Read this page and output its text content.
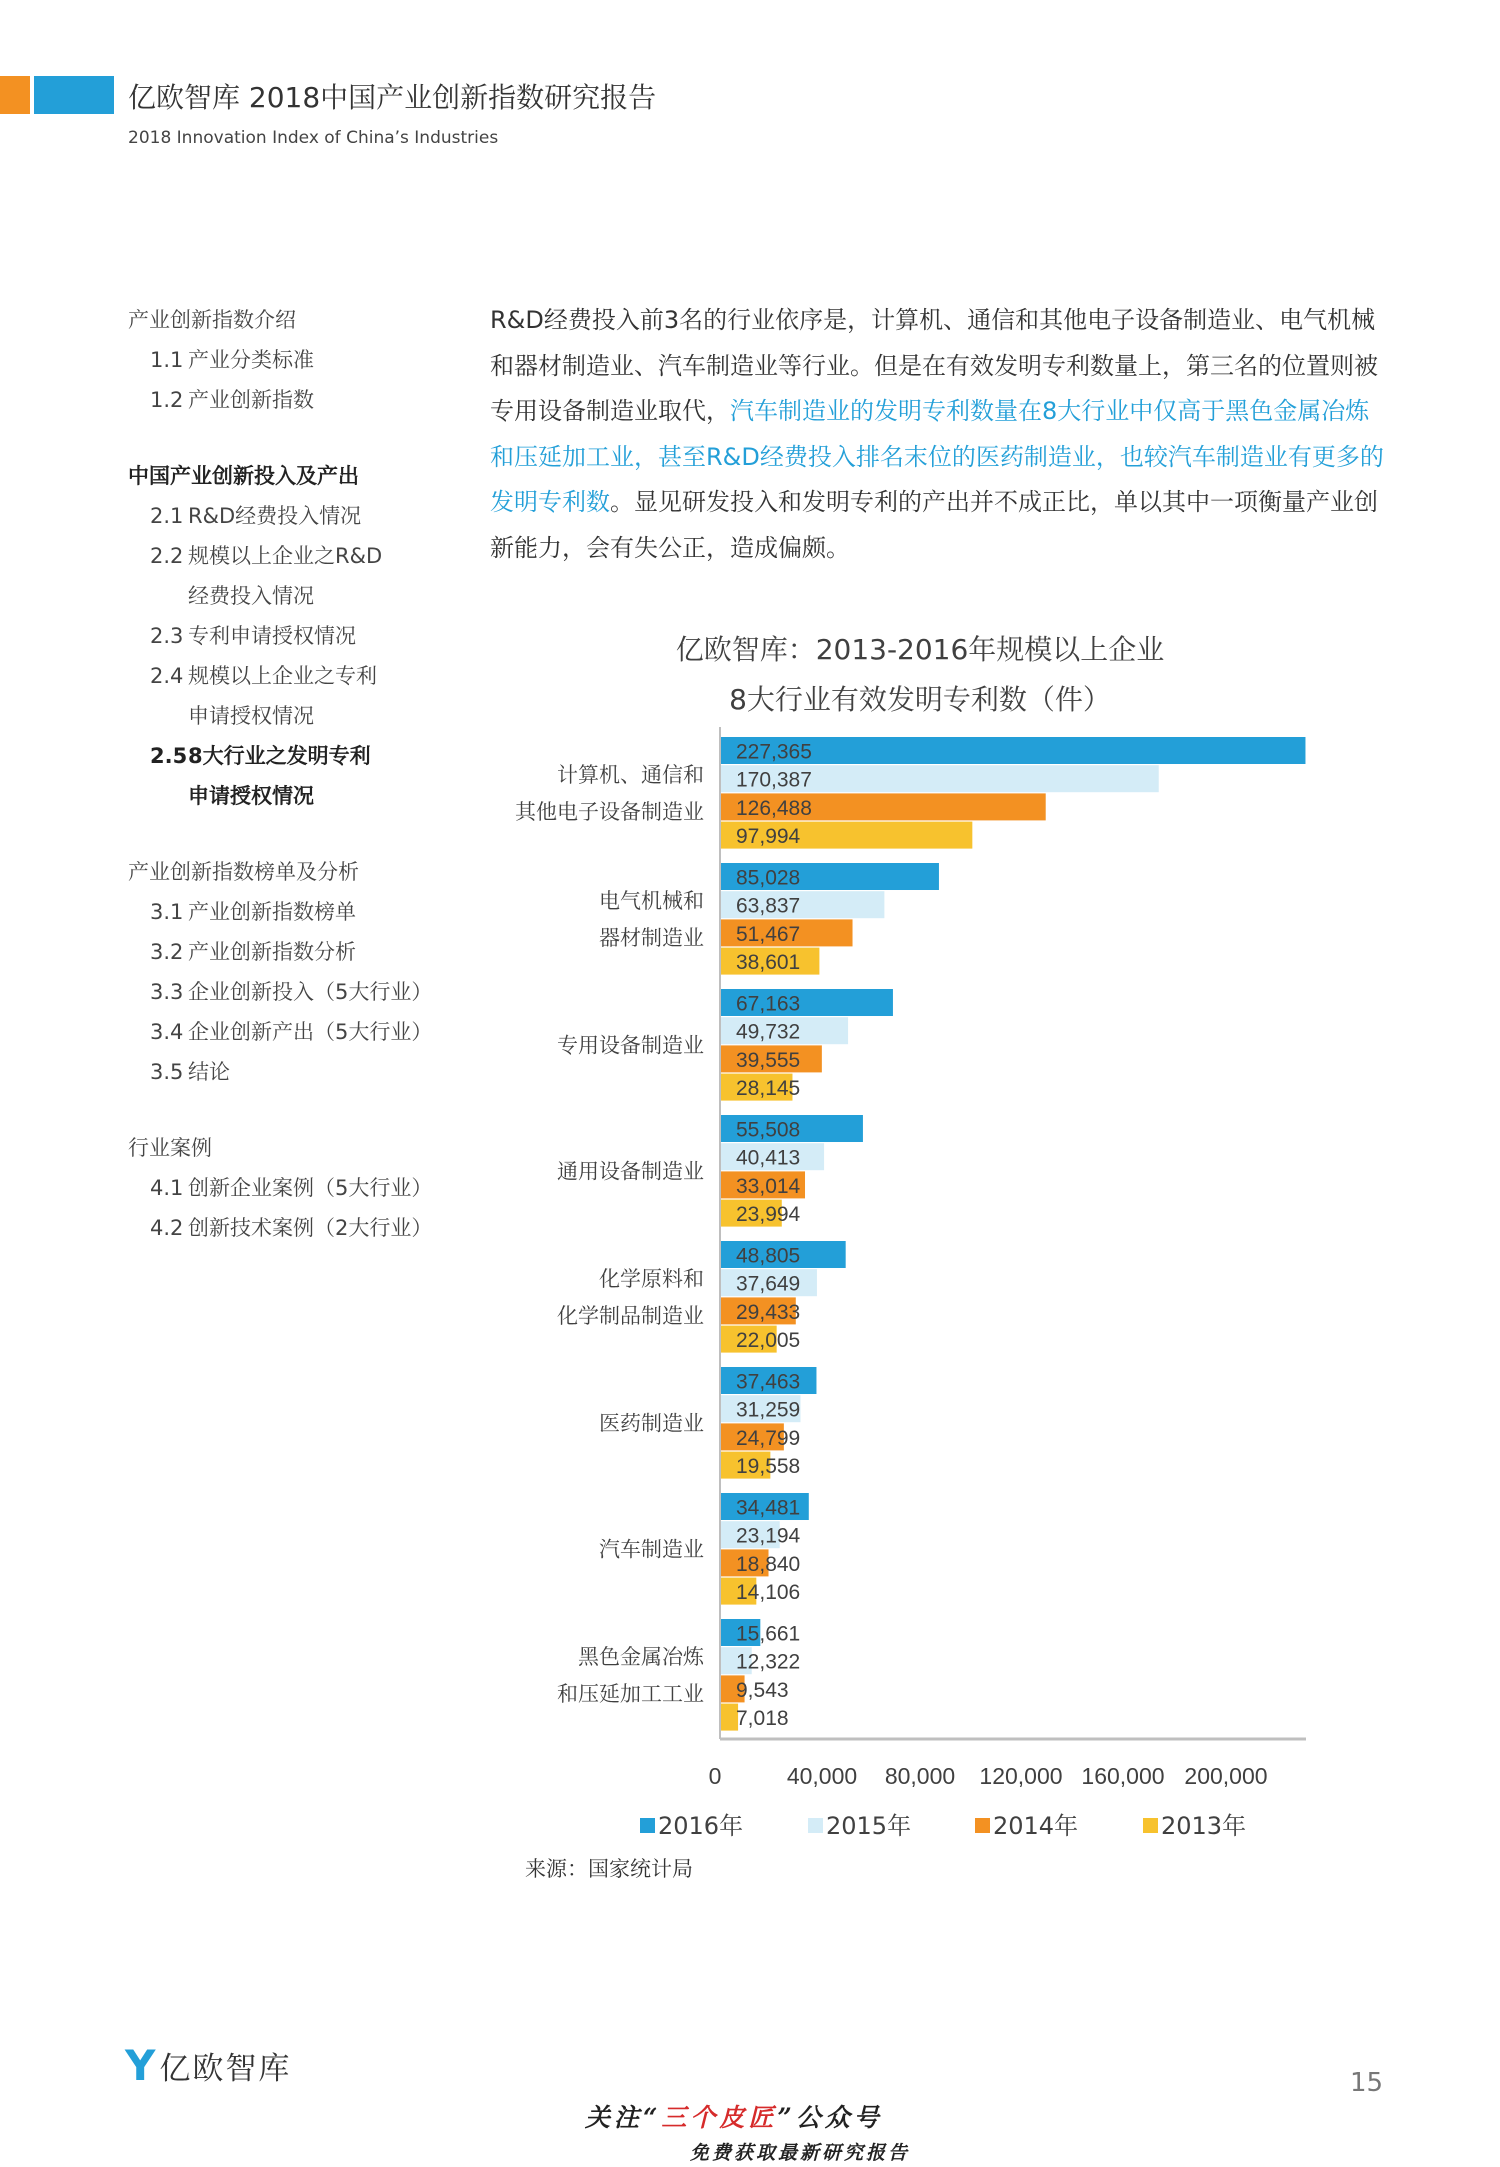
亿欧智库 2018中国产业创新指数研究报告
2018 Innovation Index of China’s Industries
产业创新指数介绍
1.1 产业分类标准
1.2 产业创新指数
中国产业创新投入及产出
2.1 R&D经费投入情况
2.2 规模以上企业之R&D
经费投入情况
2.3 专利申请授权情况
2.4 规模以上企业之专利
申请授权情况
2.58大行业之发明专利
申请授权情况
产业创新指数榜单及分析
3.1 产业创新指数榜单
3.2 产业创新指数分析
3.3 企业创新投入（5大行业）
3.4 企业创新产出（5大行业）
3.5 结论
行业案例
4.1 创新企业案例（5大行业）
4.2 创新技术案例（2大行业）
R&D经费投入前3名的行业依序是，计算机、通信和其他电子设备制造业、电气机械和器材制造业、汽车制造业等行业。但是在有效发明专利数量上，第三名的位置则被专用设备制造业取代，汽车制造业的发明专利数量在8大行业中仅高于黑色金属冶炼和压延加工业，甚至R&D经费投入排名末位的医药制造业，也较汽车制造业有更多的发明专利数。显见研发投入和发明专利的产出并不成正比，单以其中一项衡量产业创新能力，会有失公正，造成偏颇。
亿欧智库：2013-2016年规模以上企业
8大行业有效发明专利数（件）
227,365
170,387
126,488
97,994
计算机、通信和
其他电子设备制造业
85,028
63,837
51,467
38,601
电气机械和
器材制造业
67,163
49,732
39,555
28,145
专用设备制造业
55,508
40,413
33,014
23,994
通用设备制造业
48,805
37,649
29,433
22,005
化学原料和
化学制品制造业
37,463
31,259
24,799
19,558
医药制造业
34,481
23,194
18,840
14,106
汽车制造业
15,661
12,322
9,543
7,018
黑色金属冶炼
和压延加工工业
0	40,000 80,000 120,000 160,000 200,000
2016年	2015年	2014年	2013年
来源：国家统计局
Y 亿欧智库	15
关注“三个皮匠”公众号
免费获取最新研究报告
